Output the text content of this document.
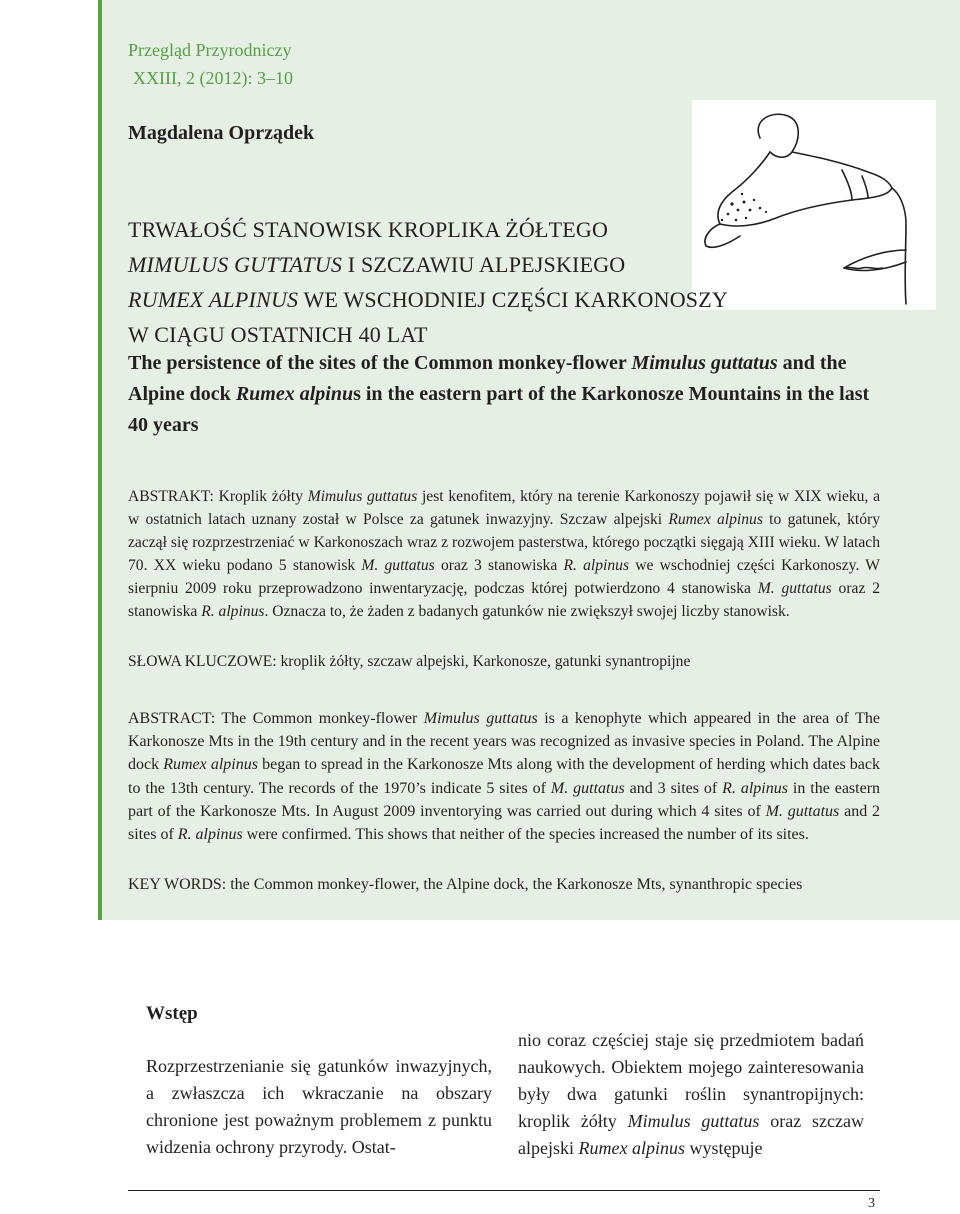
Przegląd Przyrodniczy
XXIII, 2 (2012): 3–10
Magdalena Oprządek
TRWAŁOŚĆ STANOWISK KROPLIKA ŻÓŁTEGO
MIMULUS GUTTATUS I SZCZAWIU ALPEJSKIEGO
RUMEX ALPINUS WE WSCHODNIEJ CZĘŚCI KARKONOSZY
W CIĄGU OSTATNICH 40 LAT
The persistence of the sites of the Common monkey-flower Mimulus guttatus and the Alpine dock Rumex alpinus in the eastern part of the Karkonosze Mountains in the last 40 years
ABSTRAKT: Kroplik żółty Mimulus guttatus jest kenofitem, który na terenie Karkonoszy pojawił się w XIX wieku, a w ostatnich latach uznany został w Polsce za gatunek inwazyjny. Szczaw alpejski Rumex alpinus to gatunek, który zaczął się rozprzestrzeniać w Karkonoszach wraz z rozwojem pasterstwa, którego początki sięgają XIII wieku. W latach 70. XX wieku podano 5 stanowisk M. guttatus oraz 3 stanowiska R. alpinus we wschodniej części Karkonoszy. W sierpniu 2009 roku przeprowadzono inwentaryzację, podczas której potwierdzono 4 stanowiska M. guttatus oraz 2 stanowiska R. alpinus. Oznacza to, że żaden z badanych gatunków nie zwiększył swojej liczby stanowisk.
SŁOWA KLUCZOWE: kroplik żółty, szczaw alpejski, Karkonosze, gatunki synantropijne
ABSTRACT: The Common monkey-flower Mimulus guttatus is a kenophyte which appeared in the area of The Karkonosze Mts in the 19th century and in the recent years was recognized as invasive species in Poland. The Alpine dock Rumex alpinus began to spread in the Karkonosze Mts along with the development of herding which dates back to the 13th century. The records of the 1970’s indicate 5 sites of M. guttatus and 3 sites of R. alpinus in the eastern part of the Karkonosze Mts. In August 2009 inventorying was carried out during which 4 sites of M. guttatus and 2 sites of R. alpinus were confirmed. This shows that neither of the species increased the number of its sites.
KEY WORDS: the Common monkey-flower, the Alpine dock, the Karkonosze Mts, synanthropic species
Wstęp
Rozprzestrzenianie się gatunków inwazyjnych, a zwłaszcza ich wkraczanie na obszary chronione jest poważnym problemem z punktu widzenia ochrony przyrody. Ostat-
nio coraz częściej staje się przedmiotem badań naukowych. Obiektem mojego zainteresowania były dwa gatunki roślin synantropijnych: kroplik żółty Mimulus guttatus oraz szczaw alpejski Rumex alpinus występuje
3
